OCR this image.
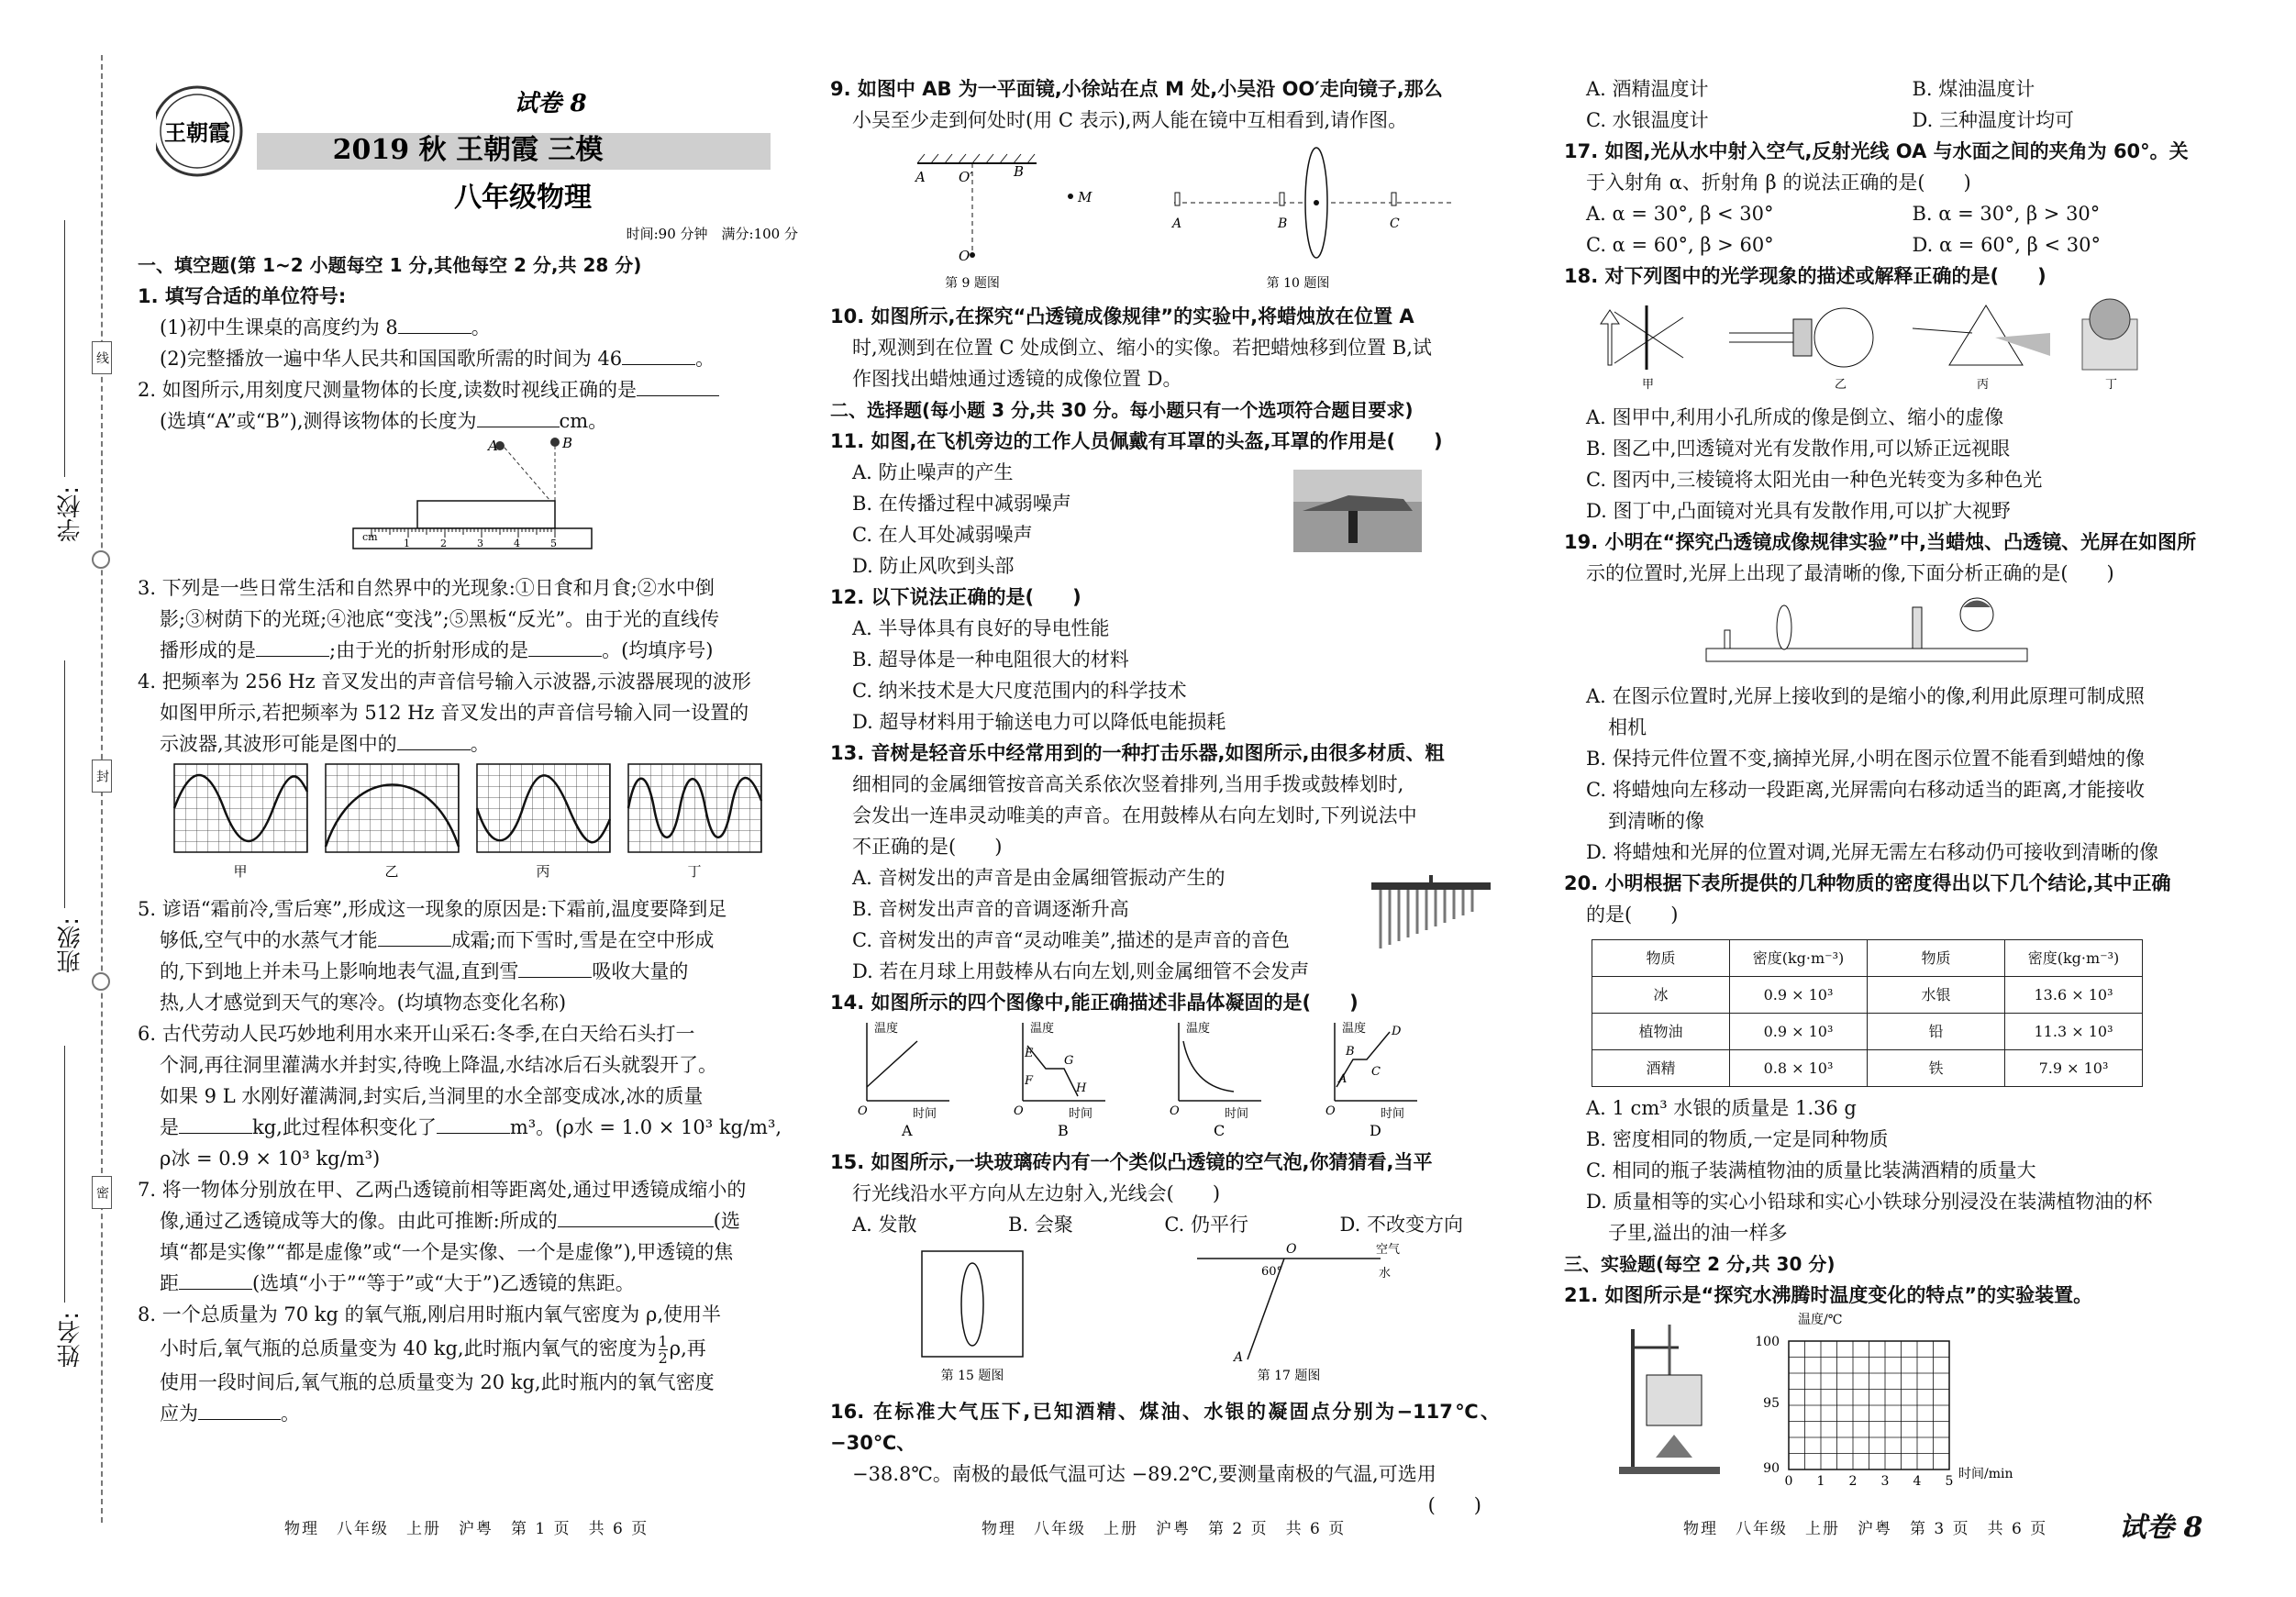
学校:
班级:
姓名:
线
封
密
王朝霞
试卷 8
2019 秋 王朝霞 三模
八年级物理
时间:90 分钟　满分:100 分
一、填空题(第 1~2 小题每空 1 分,其他每空 2 分,共 28 分)
1. 填写合适的单位符号:
(1)初中生课桌的高度约为 8	。
(2)完整播放一遍中华人民共和国国歌所需的时间为 46	。
2. 如图所示,用刻度尺测量物体的长度,读数时视线正确的是
(选填“A”或“B”),测得该物体的长度为	cm。
A	B
cm
1	2	3	4	5
3. 下列是一些日常生活和自然界中的光现象:①日食和月食;②水中倒
影;③树荫下的光斑;④池底“变浅”;⑤黑板“反光”。由于光的直线传
播形成的是	;由于光的折射形成的是	。(均填序号)
4. 把频率为 256 Hz 音叉发出的声音信号输入示波器,示波器展现的波形
如图甲所示,若把频率为 512 Hz 音叉发出的声音信号输入同一设置的
示波器,其波形可能是图中的	。
甲	乙	丙	丁
5. 谚语“霜前冷,雪后寒”,形成这一现象的原因是:下霜前,温度要降到足
够低,空气中的水蒸气才能	成霜;而下雪时,雪是在空中形成
的,下到地上并未马上影响地表气温,直到雪	吸收大量的
热,人才感觉到天气的寒冷。(均填物态变化名称)
6. 古代劳动人民巧妙地利用水来开山采石:冬季,在白天给石头打一
个洞,再往洞里灌满水并封实,待晚上降温,水结冰后石头就裂开了。
如果 9 L 水刚好灌满洞,封实后,当洞里的水全部变成冰,冰的质量
是	kg,此过程体积变化了	m³。(ρ水 = 1.0 × 10³ kg/m³,
ρ冰 = 0.9 × 10³ kg/m³)
7. 将一物体分别放在甲、乙两凸透镜前相等距离处,通过甲透镜成缩小的
像,通过乙透镜成等大的像。由此可推断:所成的	(选
填“都是实像”“都是虚像”或“一个是实像、一个是虚像”),甲透镜的焦
距	(选填“小于”“等于”或“大于”)乙透镜的焦距。
8. 一个总质量为 70 kg 的氧气瓶,刚启用时瓶内氧气密度为 ρ,使用半
小时后,氧气瓶的总质量变为 40 kg,此时瓶内氧气的密度为 1

2 ρ,再
使用一段时间后,氧气瓶的总质量变为 20 kg,此时瓶内的氧气密度
应为	。
9. 如图中 AB 为一平面镜,小徐站在点 M 处,小吴沿 OO′走向镜子,那么
小吴至少走到何处时(用 C 表示),两人能在镜中互相看到,请作图。
A O′	B
O
M
第 9 题图
A	B	C
第 10 题图
10. 如图所示,在探究“凸透镜成像规律”的实验中,将蜡烛放在位置 A
时,观测到在位置 C 处成倒立、缩小的实像。若把蜡烛移到位置 B,试
作图找出蜡烛通过透镜的成像位置 D。
二、选择题(每小题 3 分,共 30 分。每小题只有一个选项符合题目要求)
11. 如图,在飞机旁边的工作人员佩戴有耳罩的头盔,耳罩的作用是(　　)
A. 防止噪声的产生
B. 在传播过程中减弱噪声
C. 在人耳处减弱噪声
D. 防止风吹到头部
12. 以下说法正确的是(　　)
A. 半导体具有良好的导电性能
B. 超导体是一种电阻很大的材料
C. 纳米技术是大尺度范围内的科学技术
D. 超导材料用于输送电力可以降低电能损耗
13. 音树是轻音乐中经常用到的一种打击乐器,如图所示,由很多材质、粗
细相同的金属细管按音高关系依次竖着排列,当用手拨或鼓棒划时,
会发出一连串灵动唯美的声音。在用鼓棒从右向左划时,下列说法中
不正确的是(　　)
A. 音树发出的声音是由金属细管振动产生的
B. 音树发出声音的音调逐渐升高
C. 音树发出的声音“灵动唯美”,描述的是声音的音色
D. 若在月球上用鼓棒从右向左划,则金属细管不会发声
14. 如图所示的四个图像中,能正确描述非晶体凝固的是(　　)
温度
时间
O
A
温度
时间
O
E
F
G
H
B
温度
时间
O
C
温度
时间
O
A
B
C
D
D
15. 如图所示,一块玻璃砖内有一个类似凸透镜的空气泡,你猜猜看,当平
行光线沿水平方向从左边射入,光线会(　　)
A. 发散	B. 会聚	C. 仍平行	D. 不改变方向
第 15 题图
O
60°
空气
水
A
第 17 题图
16. 在标准大气压下,已知酒精、煤油、水银的凝固点分别为−117℃、−30℃、
−38.8℃。南极的最低气温可达 −89.2℃,要测量南极的气温,可选用
(　　)
A. 酒精温度计	B. 煤油温度计
C. 水银温度计	D. 三种温度计均可
17. 如图,光从水中射入空气,反射光线 OA 与水面之间的夹角为 60°。关
于入射角 α、折射角 β 的说法正确的是(　　)
A. α = 30°, β < 30°	B. α = 30°, β > 30°
C. α = 60°, β > 60°	D. α = 60°, β < 30°
18. 对下列图中的光学现象的描述或解释正确的是(　　)
甲	乙	丙	丁
A. 图甲中,利用小孔所成的像是倒立、缩小的虚像
B. 图乙中,凹透镜对光有发散作用,可以矫正远视眼
C. 图丙中,三棱镜将太阳光由一种色光转变为多种色光
D. 图丁中,凸面镜对光具有发散作用,可以扩大视野
19. 小明在“探究凸透镜成像规律实验”中,当蜡烛、凸透镜、光屏在如图所
示的位置时,光屏上出现了最清晰的像,下面分析正确的是(　　)
A. 在图示位置时,光屏上接收到的是缩小的像,利用此原理可制成照
相机
B. 保持元件位置不变,摘掉光屏,小明在图示位置不能看到蜡烛的像
C. 将蜡烛向左移动一段距离,光屏需向右移动适当的距离,才能接收
到清晰的像
D. 将蜡烛和光屏的位置对调,光屏无需左右移动仍可接收到清晰的像
20. 小明根据下表所提供的几种物质的密度得出以下几个结论,其中正确
的是(　　)
物质	密度(kg·m⁻³)	物质	密度(kg·m⁻³)
冰	0.9 × 10³	水银	13.6 × 10³
植物油	0.9 × 10³	铅	11.3 × 10³
酒精	0.8 × 10³	铁	7.9 × 10³
A. 1 cm³ 水银的质量是 1.36 g
B. 密度相同的物质,一定是同种物质
C. 相同的瓶子装满植物油的质量比装满酒精的质量大
D. 质量相等的实心小铅球和实心小铁球分别浸没在装满植物油的杯
子里,溢出的油一样多
三、实验题(每空 2 分,共 30 分)
21. 如图所示是“探究水沸腾时温度变化的特点”的实验装置。
温度/℃
100
95
90
0 1 2 3 4 5 时间/min
物理　八年级　上册　沪粤　第 1 页　共 6 页	物理　八年级　上册　沪粤　第 2 页　共 6 页	物理　八年级　上册　沪粤　第 3 页　共 6 页	试卷 8
